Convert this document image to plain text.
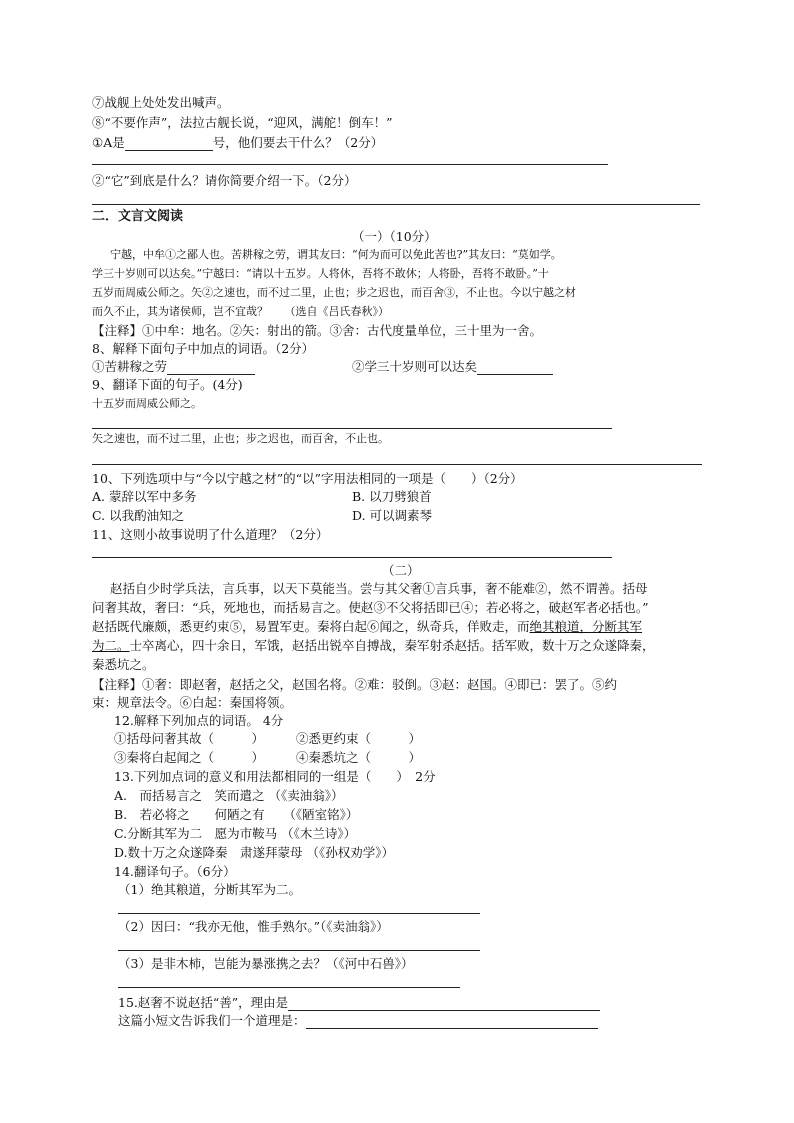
⑦战舰上处处发出喊声。
⑧“不要作声”，法拉古舰长说，“迎风，满舵！倒车！”
①A是	号，他们要去干什么？（2分）
②“它”到底是什么？请你简要介绍一下。（2分）
二．文言文阅读
（一）（10分）
宁越，中牟①之鄙人也。苦耕稼之劳，谓其友曰：“何为而可以免此苦也?”其友曰：“莫如学。
学三十岁则可以达矣。”宁越曰：“请以十五岁。人将休，吾将不敢休；人将卧，吾将不敢卧。”十
五岁而周威公师之。矢②之速也，而不过二里，止也；步之迟也，而百舍③，不止也。今以宁越之材
而久不止，其为诸侯师，岂不宜哉？　　（选自《吕氏春秋》）
【注释】①中牟：地名。②矢：射出的箭。③舍：古代度量单位，三十里为一舍。
8、解释下面句子中加点的词语。（2分）
①苦耕稼之劳	②学三十岁则可以达矣
9、翻译下面的句子。(4分)
十五岁而周威公师之。
矢之速也，而不过二里，止也；步之迟也，而百舍，不止也。
10、下列选项中与“今以宁越之材”的“以”字用法相同的一项是（　　）（2分）
A. 蒙辞以军中多务	B. 以刀劈狼首
C. 以我酌油知之	D. 可以调素琴
11、这则小故事说明了什么道理？（2分）
（二）
赵括自少时学兵法，言兵事，以天下莫能当。尝与其父奢①言兵事，奢不能难②，然不谓善。括母
问奢其故，奢曰：“兵，死地也，而括易言之。使赵③不父将括即已④；若必将之，破赵军者必括也。”
赵括既代廉颇，悉更约束⑤，易置军吏。秦将白起⑥闻之，纵奇兵，佯败走，而绝其粮道，分断其军
为二。士卒离心，四十余日，军饿，赵括出锐卒自搏战，秦军射杀赵括。括军败，数十万之众遂降秦，
秦悉坑之。
【注释】①奢：即赵奢，赵括之父，赵国名将。②难：驳倒。③赵：赵国。④即已：罢了。⑤约
束：规章法令。⑥白起：秦国将领。
12.解释下列加点的词语。 4分
①括母问奢其故（　　　）	②悉更约束（　　　）
③秦将白起闻之（　　　）	④秦悉坑之（　　　）
13.下列加点词的意义和用法都相同的一组是（　　）　2分
A.　而括易言之　笑而遣之 （《卖油翁》）
B.　若必将之　　何陋之有　　（《陋室铭》）
C.分断其军为二　愿为市鞍马 （《木兰诗》）
D.数十万之众遂降秦　肃遂拜蒙母 （《孙权劝学》）
14.翻译句子。（6分）
（1）绝其粮道，分断其军为二。
（2）因曰：“我亦无他，惟手熟尔。”（《卖油翁》）
（3）是非木柿，岂能为暴涨携之去？（《河中石兽》）
15.赵奢不说赵括“善”，理由是
这篇小短文告诉我们一个道理是：
